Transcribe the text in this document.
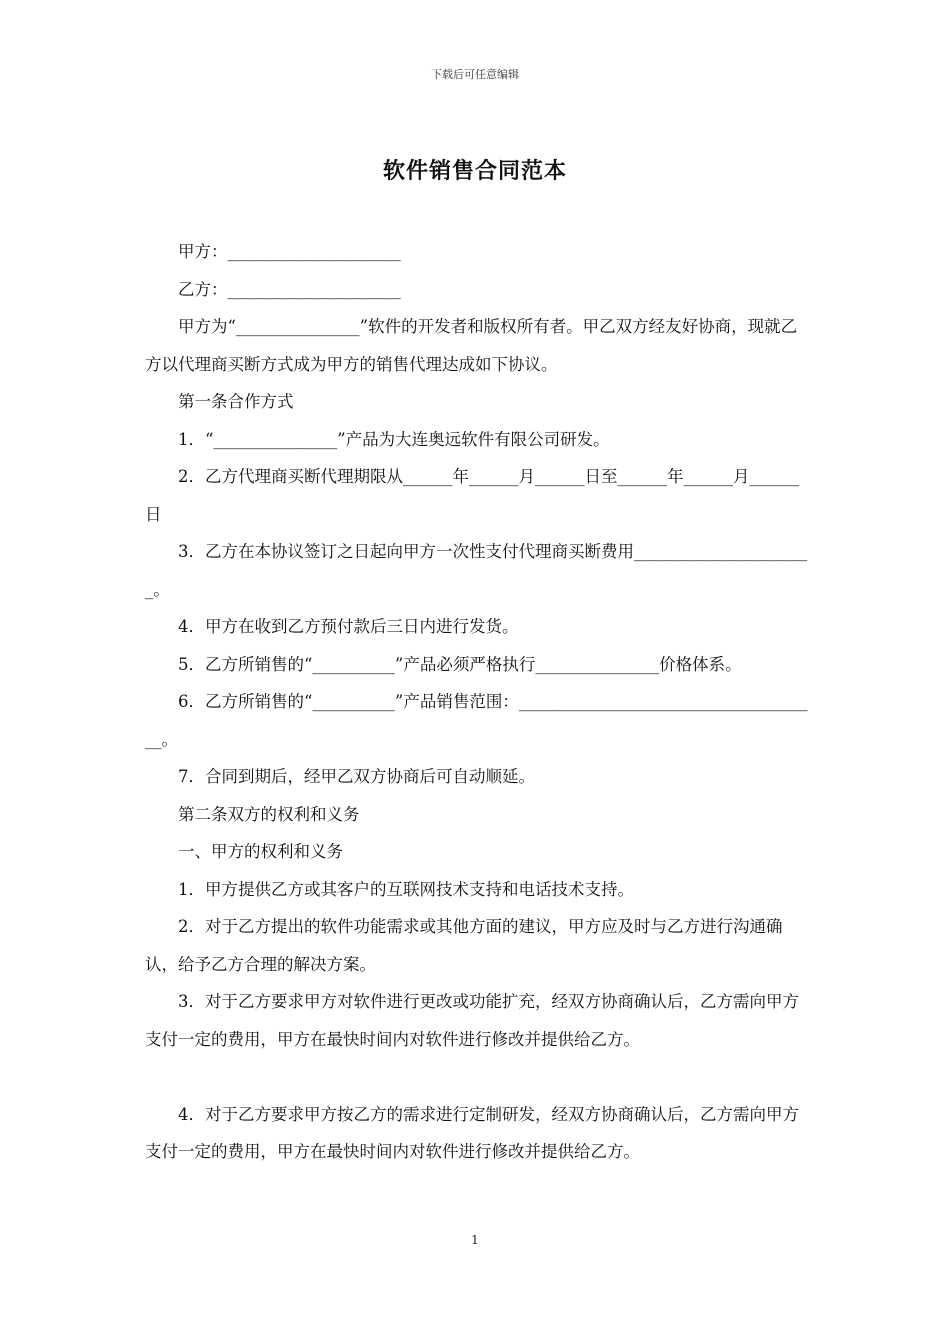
下载后可任意编辑
软件销售合同范本

甲方：_____________________

乙方：_____________________

甲方为“_______________”软件的开发者和版权所有者。甲乙双方经友好协商，现就乙方以代理商买断方式成为甲方的销售代理达成如下协议。

第一条合作方式

1．“_______________”产品为大连奥远软件有限公司研发。

2．乙方代理商买断代理期限从______年______月______日至______年______月______日

3．乙方在本协议签订之日起向甲方一次性支付代理商买断费用______________________。

4．甲方在收到乙方预付款后三日内进行发货。

5．乙方所销售的“__________”产品必须严格执行_______________价格体系。

6．乙方所销售的“__________”产品销售范围：_____________________________________。

7．合同到期后，经甲乙双方协商后可自动顺延。

第二条双方的权利和义务

一、甲方的权利和义务

1．甲方提供乙方或其客户的互联网技术支持和电话技术支持。

2．对于乙方提出的软件功能需求或其他方面的建议，甲方应及时与乙方进行沟通确认，给予乙方合理的解决方案。

3．对于乙方要求甲方对软件进行更改或功能扩充，经双方协商确认后，乙方需向甲方支付一定的费用，甲方在最快时间内对软件进行修改并提供给乙方。

4．对于乙方要求甲方按乙方的需求进行定制研发，经双方协商确认后，乙方需向甲方支付一定的费用，甲方在最快时间内对软件进行修改并提供给乙方。

1
